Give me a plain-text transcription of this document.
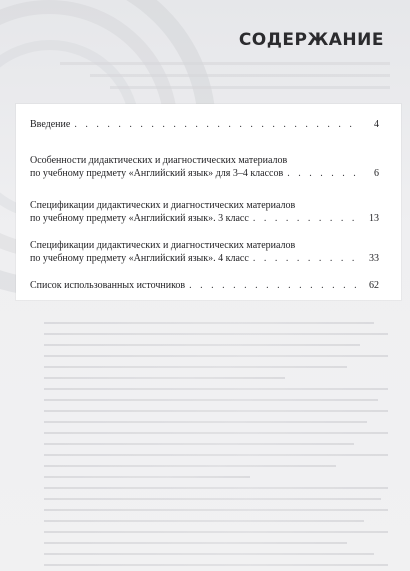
СОДЕРЖАНИЕ
Введение . . .	4
Особенности дидактических и диагностических материалов
по учебному предмету «Английский язык» для 3–4 классов . . .	6
Спецификации дидактических и диагностических материалов
по учебному предмету «Английский язык». 3 класс . . .	13
Спецификации дидактических и диагностических материалов
по учебному предмету «Английский язык». 4 класс . . .	33
Список использованных источников . . .	62
